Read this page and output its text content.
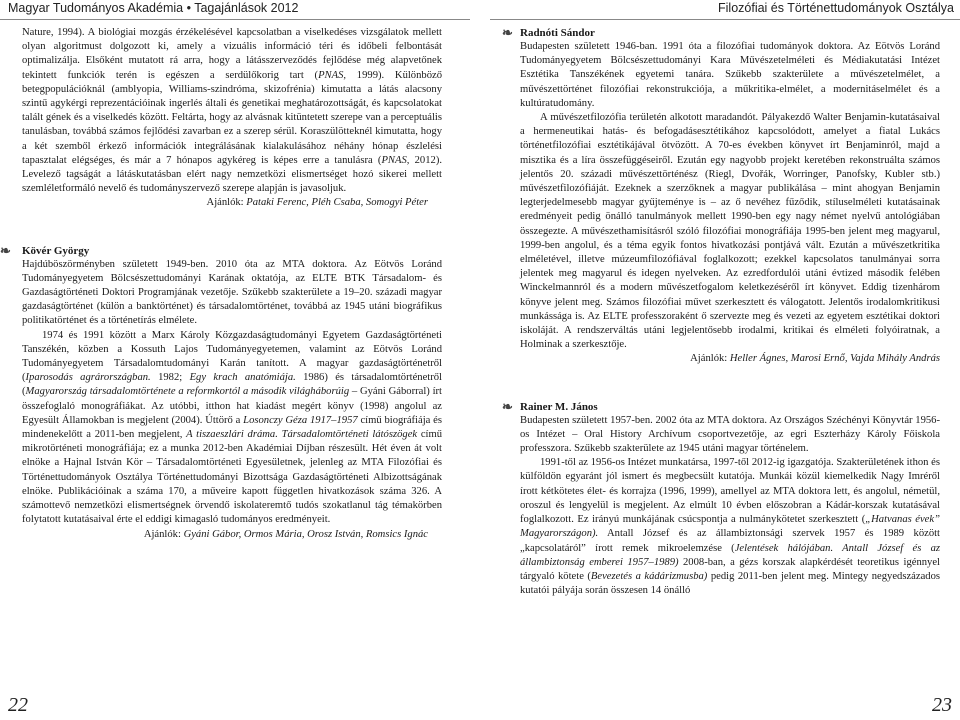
Magyar Tudományos Akadémia • Tagajánlások 2012	Filozófiai és Történettudományok Osztálya

Nature, 1994). A biológiai mozgás érzékelésével kapcsolatban a viselkedéses vizsgálatok mellett olyan algoritmust dolgozott ki, amely a vizuális információ téri és időbeli felbontását optimalizálja. Elsőként mutatott rá arra, hogy a látásszerveződés fejlődése még alapvetőnek tekintett funkciók terén is egészen a serdülőkorig tart (PNAS, 1999). Különböző betegpopulációknál (amblyopia, Williams-szindróma, skizofrénia) kimutatta a látás alacsony szintű agykérgi reprezentációinak ingerlés általi és genetikai meghatározottságát, és kapcsolatokat talált gének és a viselkedés között. Feltárta, hogy az alvásnak kitüntetett szerepe van a perceptuális tanulásban, továbbá számos fejlődési zavarban ez a szerep sérül. Koraszülötteknél kimutatta, hogy a két szemből érkező információk integrálásának kialakulásához néhány hónap észlelési tapasztalat elégséges, és már a 7 hónapos agykéreg is képes erre a tanulásra (PNAS, 2012). Levelező tagságát a látáskutatásban elért nagy nemzetközi elismertséget hozó sikerei mellett szemléletformáló nevelő és tudományszervező szerepe alapján is javasoljuk.

Ajánlók: Pataki Ferenc, Pléh Csaba, Somogyi Péter

❧ Kövér György

Hajdúböszörményben született 1949-ben. 2010 óta az MTA doktora. Az Eötvös Loránd Tudományegyetem Bölcsészettudományi Karának oktatója, az ELTE BTK Társadalom- és Gazdaságtörténeti Doktori Programjának vezetője. Szűkebb szakterülete a 19–20. századi magyar gazdaságtörténet (külön a banktörténet) és társadalomtörténet, továbbá az 1945 utáni biográfikus politikatörténet és a történetírás elmélete.

1974 és 1991 között a Marx Károly Közgazdaságtudományi Egyetem Gazdaságtörténeti Tanszékén, közben a Kossuth Lajos Tudományegyetemen, valamint az Eötvös Loránd Tudományegyetem Társadalomtudományi Karán tanított. A magyar gazdaságtörténetről (Iparosodás agrárországban. 1982; Egy krach anatómiája. 1986) és társadalomtörténetről (Magyarország társadalomtörténete a reformkortól a második világháborúig – Gyáni Gáborral) írt összefoglaló monográfiákat. Az utóbbi, itthon hat kiadást megért könyv (1998) angolul az Egyesült Államokban is megjelent (2004). Úttörő a Losonczy Géza 1917–1957 című biográfiája és mindenekelőtt a 2011-ben megjelent, A tiszaeszlári dráma. Társadalomtörténeti látószögek című mikrotörténeti monográfiája; ez a munka 2012-ben Akadémiai Díjban részesült. Hét éven át volt elnöke a Hajnal István Kör – Társadalomtörténeti Egyesületnek, jelenleg az MTA Filozófiai és Történettudományok Osztálya Történettudományi Bizottsága Gazdaságtörténeti Albizottságának elnöke. Publikációinak a száma 170, a műveire kapott független hivatkozások száma 326. A számottevő nemzetközi elismertségnek örvendő iskolateremtő tudós szokatlanul tág témakörben folytatott kutatásaival érte el eddigi kimagasló tudományos eredményeit.

Ajánlók: Gyáni Gábor, Ormos Mária, Orosz István, Romsics Ignác

❧ Radnóti Sándor

Budapesten született 1946-ban. 1991 óta a filozófiai tudományok doktora. Az Eötvös Loránd Tudományegyetem Bölcsészettudományi Kara Művészetelméleti és Médiakutatási Intézet Esztétika Tanszékének egyetemi tanára. Szűkebb szakterülete a művészetelmélet, a művészettörténet filozófiai rekonstrukciója, a műkritika-elmélet, a modernitáselmélet és a kultúratudomány.

A művészetfilozófia területén alkotott maradandót. Pályakezdő Walter Benjamin-kutatásaival a hermeneutikai hatás- és befogadásesztétikához kapcsolódott, amelyet a fiatal Lukács történetfilozófiai esztétikájával ötvözött. A 70-es években könyvet írt Benjaminról, majd a misztika és a líra összefüggéseiről. Ezután egy nagyobb projekt keretében rekonstruálta számos jelentős 20. századi művészettörténész (Riegl, Dvořák, Worringer, Panofsky, Kubler stb.) művészetfilozófiáját. Ezeknek a szerzőknek a magyar publikálása – mint ahogyan Benjamin legterjedelmesebb magyar gyűjteménye is – az ő nevéhez fűződik, stíluselméleti kutatásainak eredményeit pedig önálló tanulmányok mellett 1990-ben egy nagy német nyelvű antológiában összegezte. A művészethamisításról szóló filozófiai monográfiája 1995-ben jelent meg magyarul, 1999-ben angolul, és a téma egyik fontos hivatkozási pontjává vált. Ezután a művészetkritika elméletével, illetve múzeumfilozófiával foglalkozott; ezekkel kapcsolatos tanulmányai sorra jelentek meg magyarul és idegen nyelveken. Az ezredfordulói utáni évtized második felében Winckelmannról és a modern művészetfogalom keletkezéséről írt könyvet. Eddig tizenhárom könyve jelent meg. Számos filozófiai művet szerkesztett és válogatott. Jelentős irodalomkritikusi munkássága is. Az ELTE professzoraként ő szervezte meg és vezeti az egyetem esztétikai doktori iskoláját. A rendszerváltás utáni legjelentősebb irodalmi, kritikai és elméleti folyóiratnak, a Holminak a szerkesztője.

Ajánlók: Heller Ágnes, Marosi Ernő, Vajda Mihály András

❧ Rainer M. János

Budapesten született 1957-ben. 2002 óta az MTA doktora. Az Országos Széchényi Könyvtár 1956-os Intézet – Oral History Archívum csoportvezetője, az egri Eszterházy Károly Főiskola professzora. Szűkebb szakterülete az 1945 utáni magyar történelem.

1991-től az 1956-os Intézet munkatársa, 1997-től 2012-ig igazgatója. Szakterületének ithon és külföldön egyaránt jól ismert és megbecsült kutatója. Munkái közül kiemelkedik Nagy Imréről írott kétkötetes élet- és korrajza (1996, 1999), amellyel az MTA doktora lett, és angolul, németül, oroszul és lengyelül is megjelent. Az elmúlt 10 évben előszobran a Kádár-korszak kutatásával foglalkozott. Ez irányú munkájának csúcspontja a nulmánykötetet szerkesztett („Hatvanas évek” Magyarországon). Antall József és az állambiztonsági szervek 1957 és 1989 között „kapcsolatáról” írott remek mikroelemzése (Jelentések hálójában. Antall József és az állambiztonság emberei 1957–1989) 2008-ban, a gézs korszak alapkérdését teoretikus igénnyel tárgyaló kötete (Bevezetés a kádárizmusba) pedig 2011-ben jelent meg. Mintegy negyedszázados kutatói pályája során összesen 14 önálló

22	23
